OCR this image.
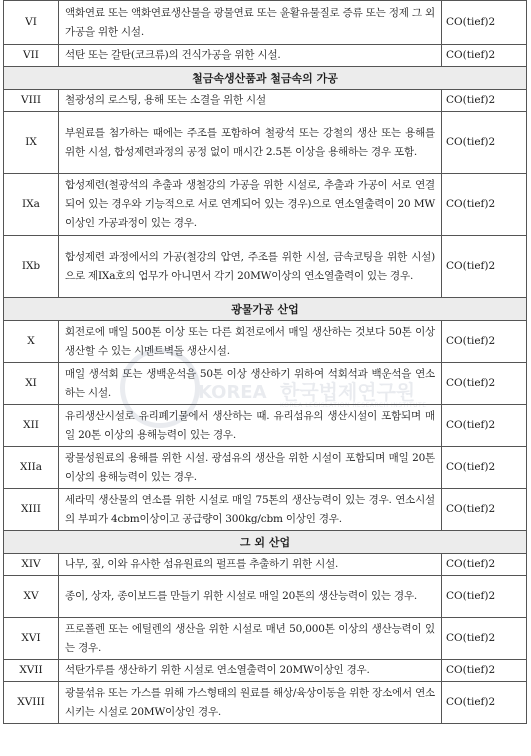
VI	액화연료 또는 액화연료생산물을 광물연료 또는 윤활유물질로 증류 또는 정제 그 외 가공을 위한 시설.	CO(tief)2
VII	석탄 또는 갈탄(코크류)의 건식가공을 위한 시설.	CO(tief)2
철금속생산품과 철금속의 가공		
VIII	철광성의 로스팅, 용해 또는 소결을 위한 시설	CO(tief)2
IX	부원료를 첨가하는 때에는 주조를 포함하여 철광석 또는 강철의 생산 또는 용해를 위한 시설, 합성제련과정의 공정 없이 매시간 2.5톤 이상을 용해하는 경우 포함.	CO(tief)2
IXa	합성제련(철광석의 추출과 생철강의 가공을 위한 시설로, 추출과 가공이 서로 연결되어 있는 경우와 기능적으로 서로 연계되어 있는 경우)으로 연소열출력이 20 MW이상인 가공과정이 있는 경우.	CO(tief)2
IXb	합성제련 과정에서의 가공(철강의 압연, 주조를 위한 시설, 금속코팅을 위한 시설)으로 제IXa호의 업무가 아니면서 각기 20MW이상의 연소열출력이 있는 경우.	CO(tief)2
광물가공 산업		
X	회전로에 매일 500톤 이상 또는 다른 회전로에서 매일 생산하는 것보다 50톤 이상 생산할 수 있는 시멘트벽돌 생산시설.	CO(tief)2
XI	매일 생석회 또는 생백운석을 50톤 이상 생산하기 위하여 석회석과 백운석을 연소하는 시설.	CO(tief)2
XII	유리생산시설로 유리폐기물에서 생산하는 때. 유리섬유의 생산시설이 포함되며 매일 20톤 이상의 용해능력이 있는 경우.	CO(tief)2
XIIa	광물성원료의 용해를 위한 시설. 광섬유의 생산을 위한 시설이 포함되며 매일 20톤 이상의 용해능력이 있는 경우.	CO(tief)2
XIII	세라믹 생산물의 연소를 위한 시설로 매일 75톤의 생산능력이 있는 경우. 연소시설의 부피가 4cbm이상이고 공급량이 300kg/cbm 이상인 경우.	CO(tief)2
그 외 산업		
XIV	나무, 짚, 이와 유사한 섬유원료의 펄프를 추출하기 위한 시설.	CO(tief)2
XV	종이, 상자, 종이보드를 만들기 위한 시설로 매일 20톤의 생산능력이 있는 경우.	CO(tief)2
XVI	프로폴렌 또는 에틸렌의 생산을 위한 시설로 매년 50,000톤 이상의 생산능력이 있는 경우.	CO(tief)2
XVII	석탄가루를 생산하기 위한 시설로 연소열출력이 20MW이상인 경우.	CO(tief)2
XVIII	광물섞유 또는 가스를 위해 가스형태의 원료를 해상/육상이동을 위한 장소에서 연소시키는 시설로 20MW이상인 경우.	CO(tief)2
KOREA 한국법제연구원
KOREA LEGISLATION RESEARCH INSTITUTE
